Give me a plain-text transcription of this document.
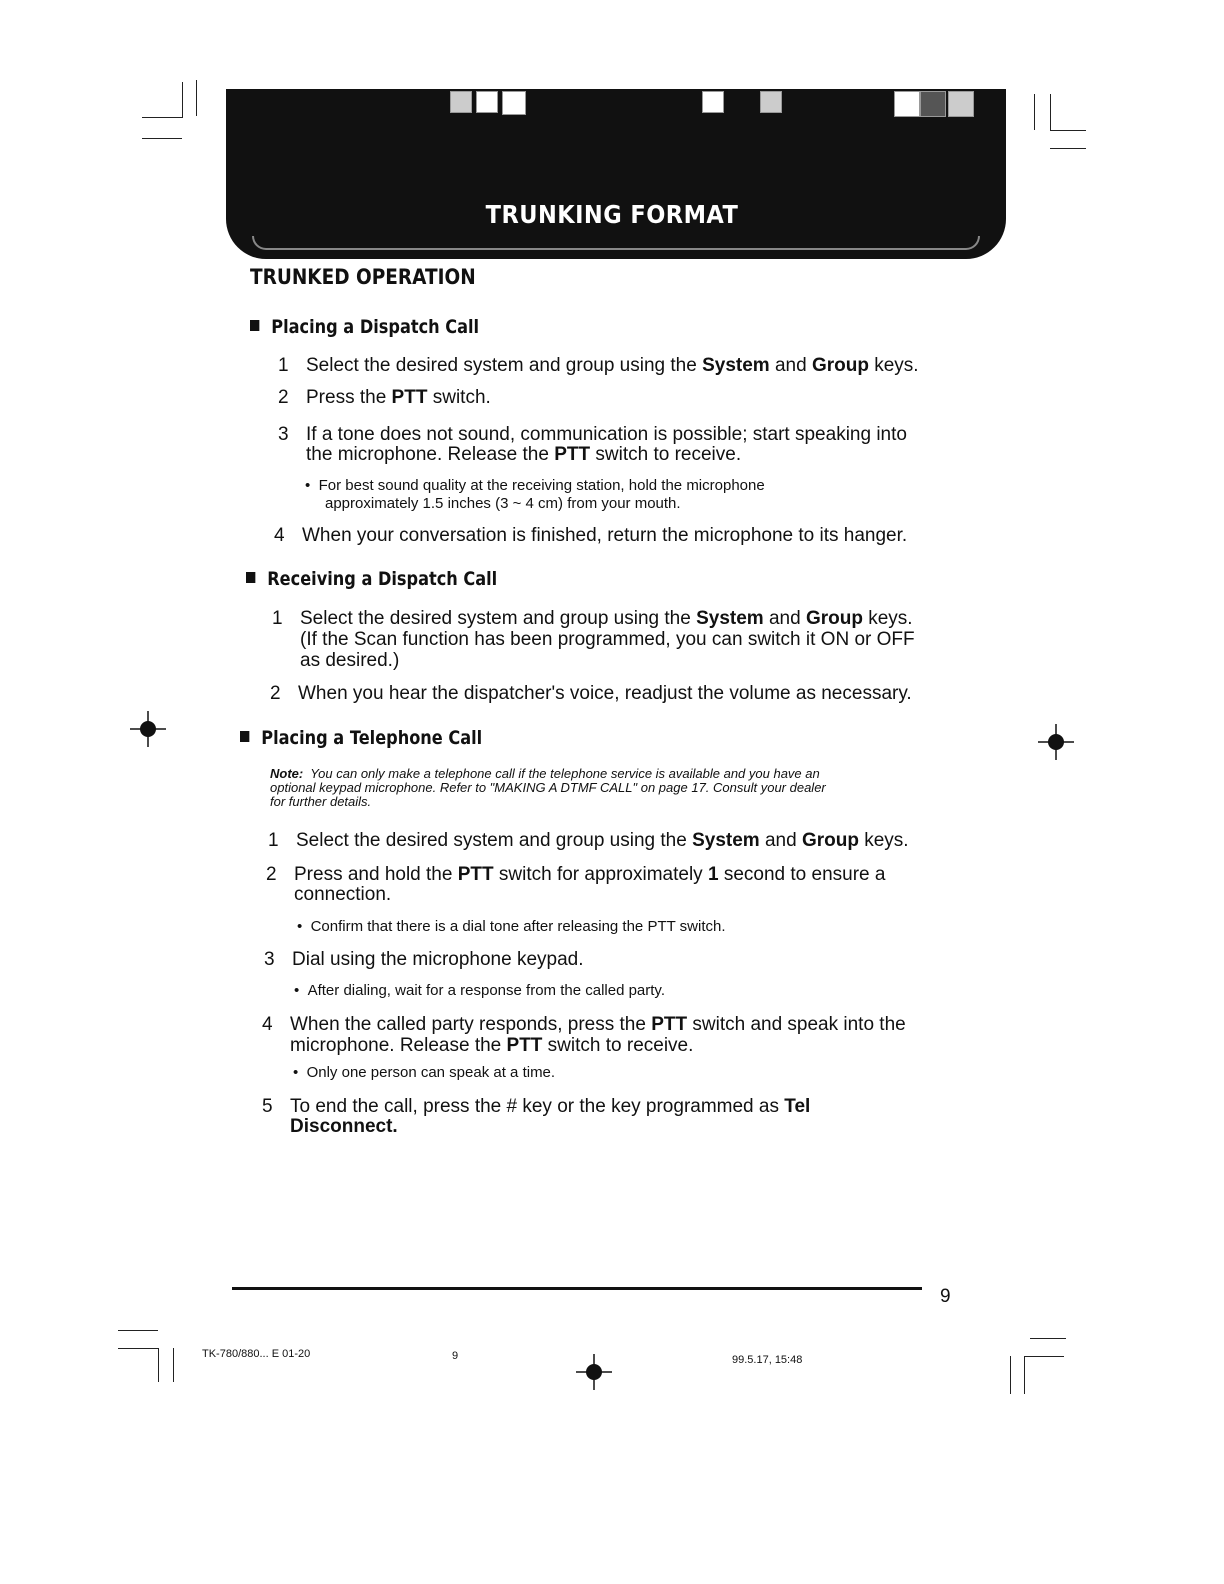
TRUNKING FORMAT
TRUNKED OPERATION
Placing a Dispatch Call
1 Select the desired system and group using the System and Group keys.
2 Press the PTT switch.
3 If a tone does not sound, communication is possible; start speaking into
the microphone. Release the PTT switch to receive.
•  For best sound quality at the receiving station, hold the microphone
approximately 1.5 inches (3 ~ 4 cm) from your mouth.
4 When your conversation is finished, return the microphone to its hanger.
Receiving a Dispatch Call
1 Select the desired system and group using the System and Group keys.
(If the Scan function has been programmed, you can switch it ON or OFF
as desired.)
2 When you hear the dispatcher's voice, readjust the volume as necessary.
Placing a Telephone Call
Note: You can only make a telephone call if the telephone service is available and you have an
optional keypad microphone. Refer to "MAKING A DTMF CALL" on page 17. Consult your dealer
for further details.
1 Select the desired system and group using the System and Group keys.
2 Press and hold the PTT switch for approximately 1 second to ensure a
connection.
•  Confirm that there is a dial tone after releasing the PTT switch.
3 Dial using the microphone keypad.
•  After dialing, wait for a response from the called party.
4 When the called party responds, press the PTT switch and speak into the
microphone. Release the PTT switch to receive.
•  Only one person can speak at a time.
5 To end the call, press the # key or the key programmed as Tel
Disconnect.
9
TK-780/880... E 01-20	9	99.5.17, 15:48
